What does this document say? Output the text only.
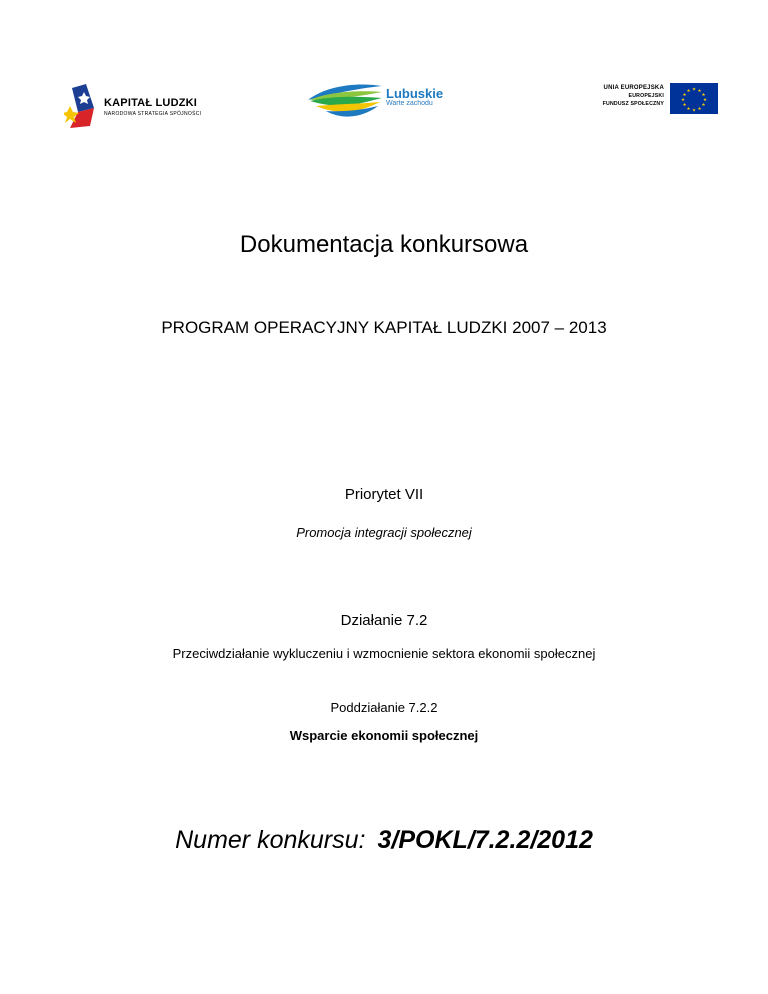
KAPITAŁ LUDZKI
NARODOWA STRATEGIA SPÓJNOŚCI
Lubuskie
Warte zachodu
UNIA EUROPEJSKA
EUROPEJSKI
FUNDUSZ SPOŁECZNY
★ ★
★
★
★
★
★
★
★
★
★
★
Dokumentacja konkursowa
PROGRAM OPERACYJNY KAPITAŁ LUDZKI 2007 – 2013
Priorytet VII
Promocja integracji społecznej
Działanie 7.2
Przeciwdziałanie wykluczeniu i wzmocnienie sektora ekonomii społecznej
Poddziałanie 7.2.2
Wsparcie ekonomii społecznej
Numer konkursu: 3/POKL/7.2.2/2012
